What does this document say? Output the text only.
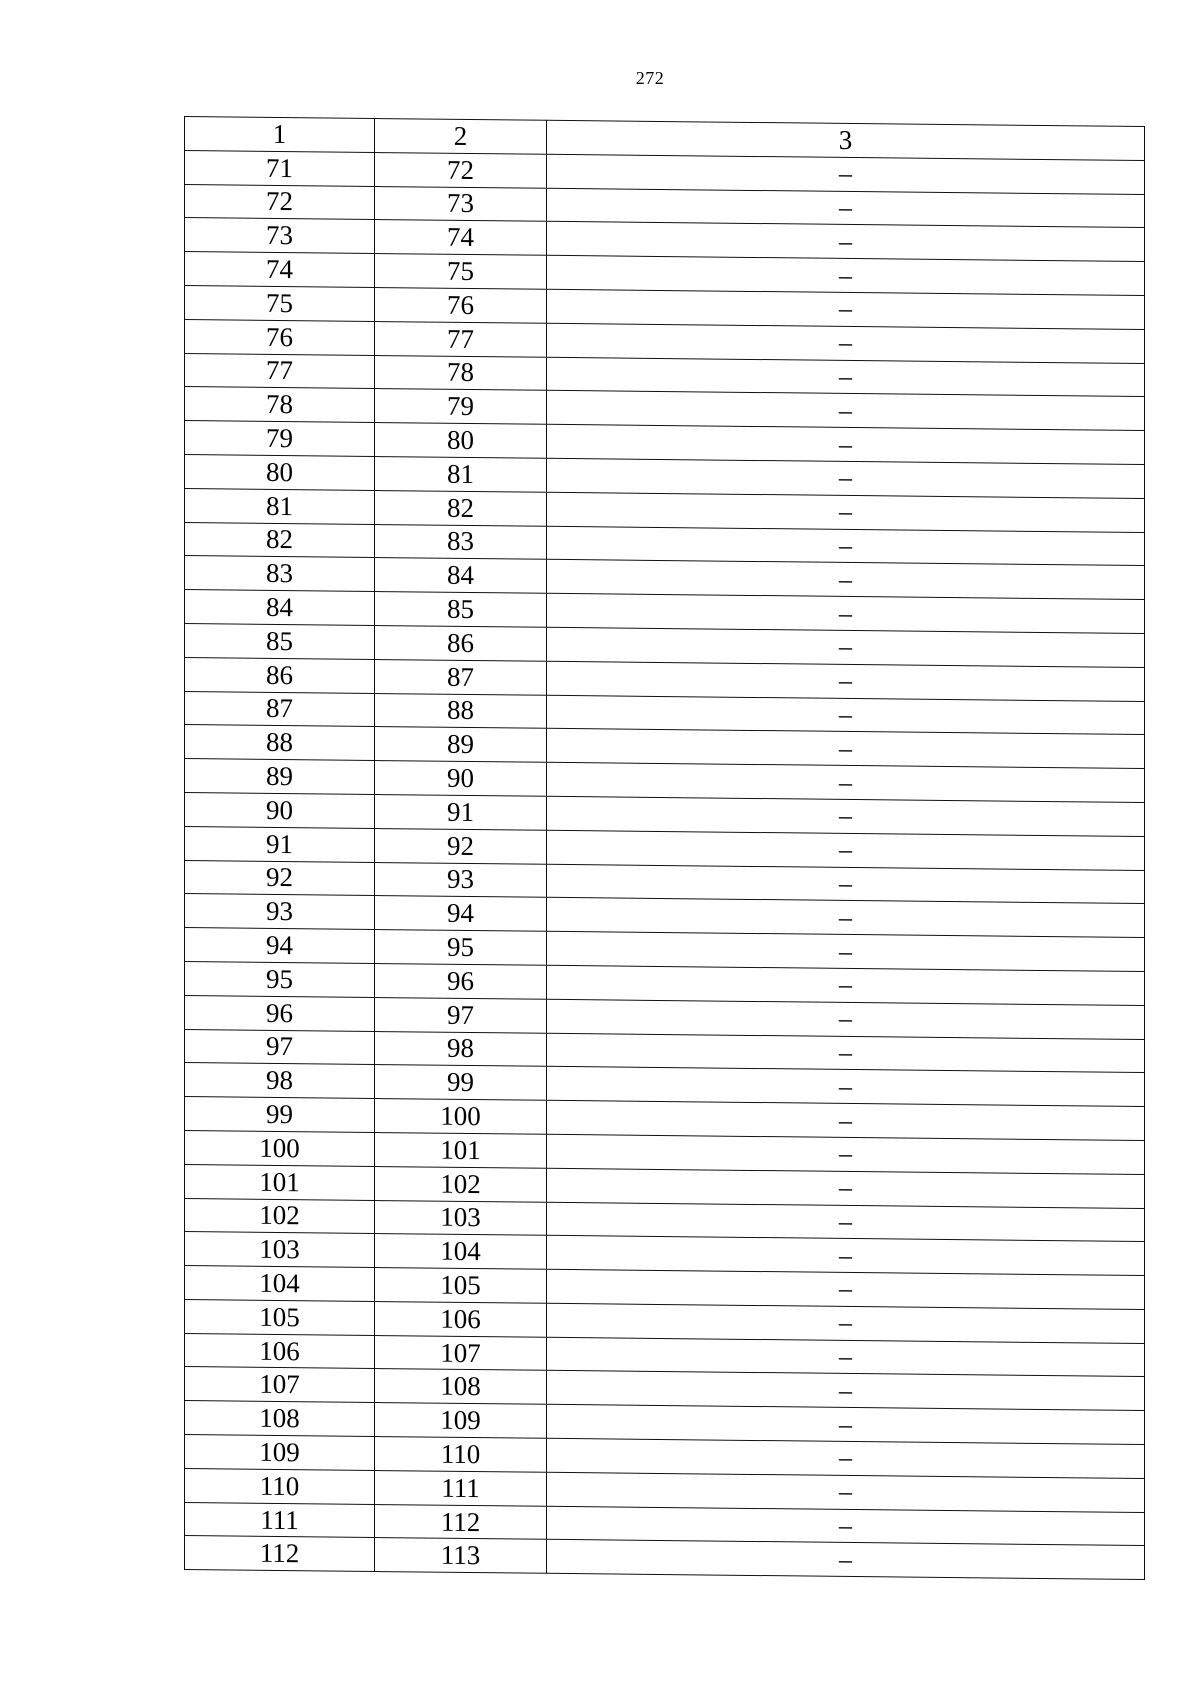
272
1	2	3
71	72	–
72	73	–
73	74	–
74	75	–
75	76	–
76	77	–
77	78	–
78	79	–
79	80	–
80	81	–
81	82	–
82	83	–
83	84	–
84	85	–
85	86	–
86	87	–
87	88	–
88	89	–
89	90	–
90	91	–
91	92	–
92	93	–
93	94	–
94	95	–
95	96	–
96	97	–
97	98	–
98	99	–
99	100	–
100	101	–
101	102	–
102	103	–
103	104	–
104	105	–
105	106	–
106	107	–
107	108	–
108	109	–
109	110	–
110	111	–
111	112	–
112	113	–
